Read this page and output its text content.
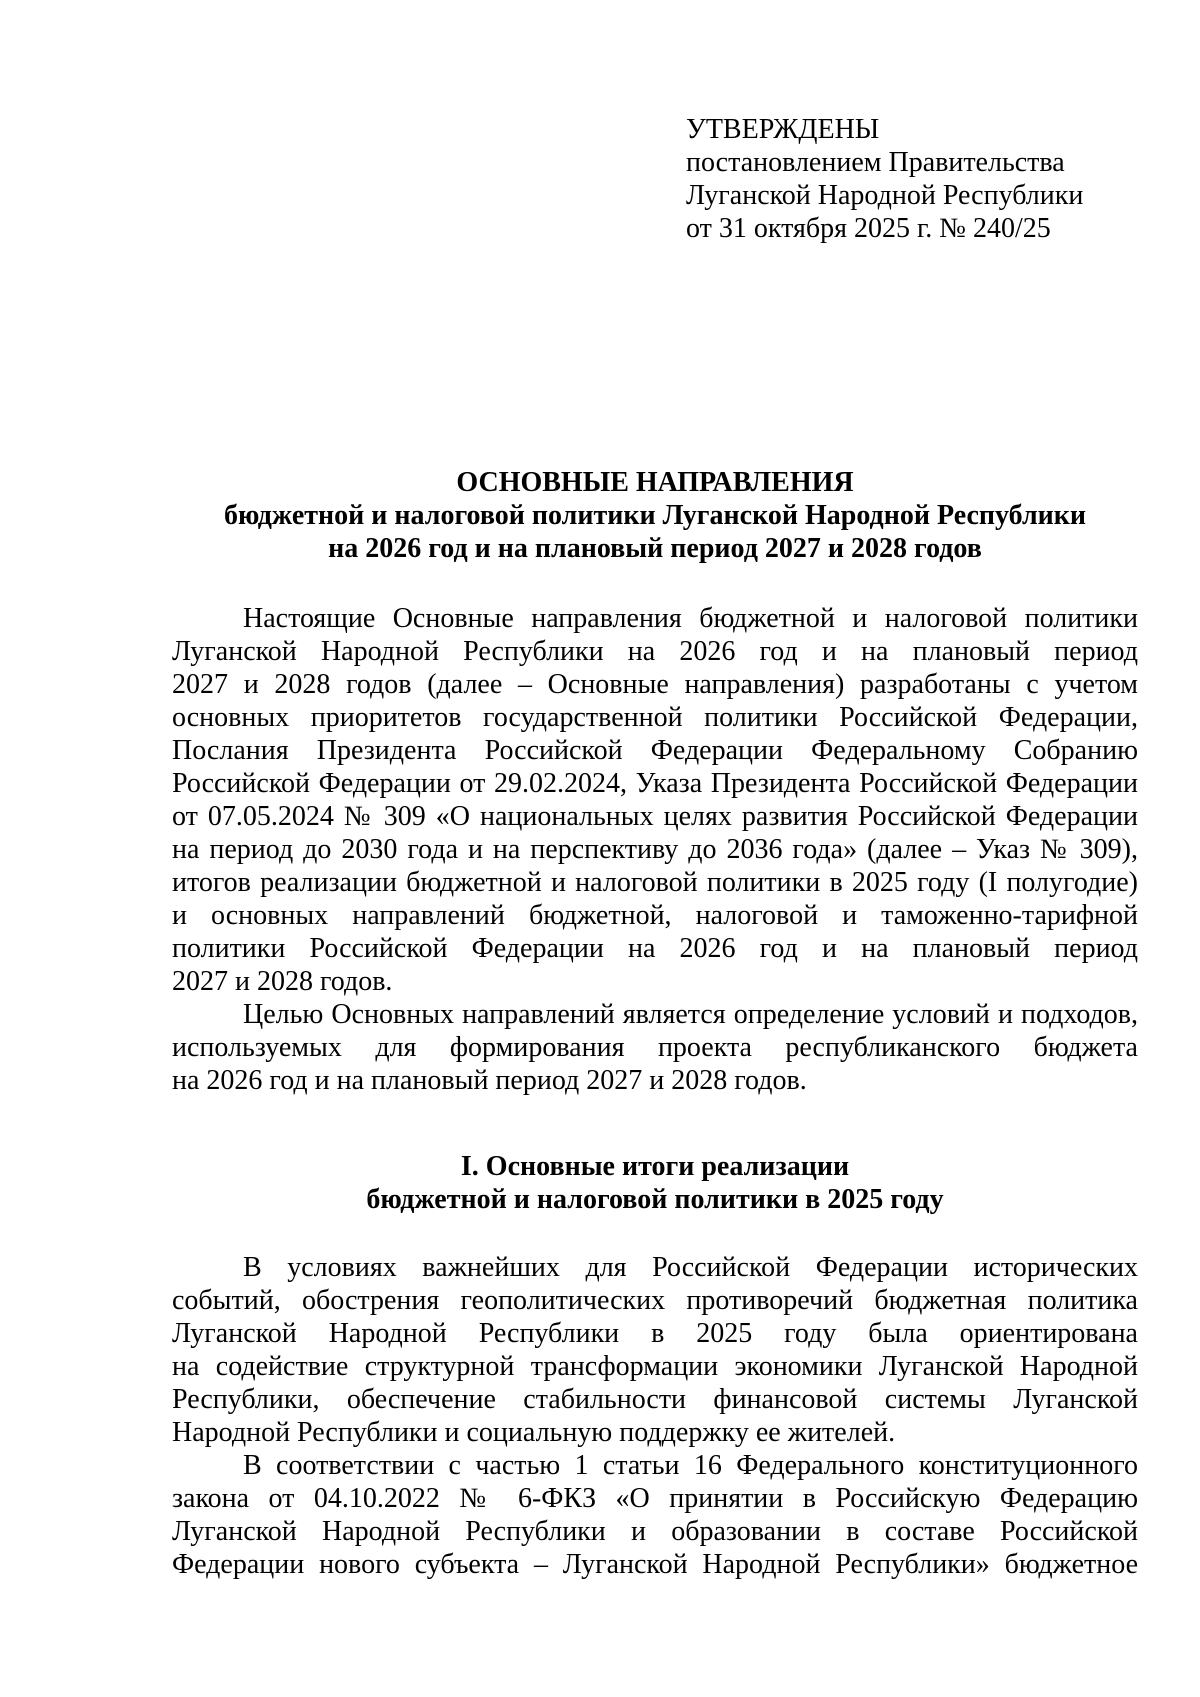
УТВЕРЖДЕНЫ
постановлением Правительства
Луганской Народной Республики
от 31 октября 2025 г. № 240/25
ОСНОВНЫЕ НАПРАВЛЕНИЯ
бюджетной и налоговой политики Луганской Народной Республики
на 2026 год и на плановый период 2027 и 2028 годов
Настоящие Основные направления бюджетной и налоговой политики
Луганской Народной Республики на 2026 год и на плановый период
2027 и 2028 годов (далее – Основные направления) разработаны с учетом
основных приоритетов государственной политики Российской Федерации,
Послания Президента Российской Федерации Федеральному Собранию
Российской Федерации от 29.02.2024, Указа Президента Российской Федерации
от 07.05.2024 № 309 «О национальных целях развития Российской Федерации
на период до 2030 года и на перспективу до 2036 года» (далее – Указ № 309),
итогов реализации бюджетной и налоговой политики в 2025 году (I полугодие)
и основных направлений бюджетной, налоговой и таможенно-тарифной
политики Российской Федерации на 2026 год и на плановый период
2027 и 2028 годов.
Целью Основных направлений является определение условий и подходов,
используемых для формирования проекта республиканского бюджета
на 2026 год и на плановый период 2027 и 2028 годов.
I. Основные итоги реализации
бюджетной и налоговой политики в 2025 году
В условиях важнейших для Российской Федерации исторических
событий, обострения геополитических противоречий бюджетная политика
Луганской Народной Республики в 2025 году была ориентирована
на содействие структурной трансформации экономики Луганской Народной
Республики, обеспечение стабильности финансовой системы Луганской
Народной Республики и социальную поддержку ее жителей.
В соответствии с частью 1 статьи 16 Федерального конституционного
закона от 04.10.2022 № 6-ФКЗ «О принятии в Российскую Федерацию
Луганской Народной Республики и образовании в составе Российской
Федерации нового субъекта – Луганской Народной Республики» бюджетное
